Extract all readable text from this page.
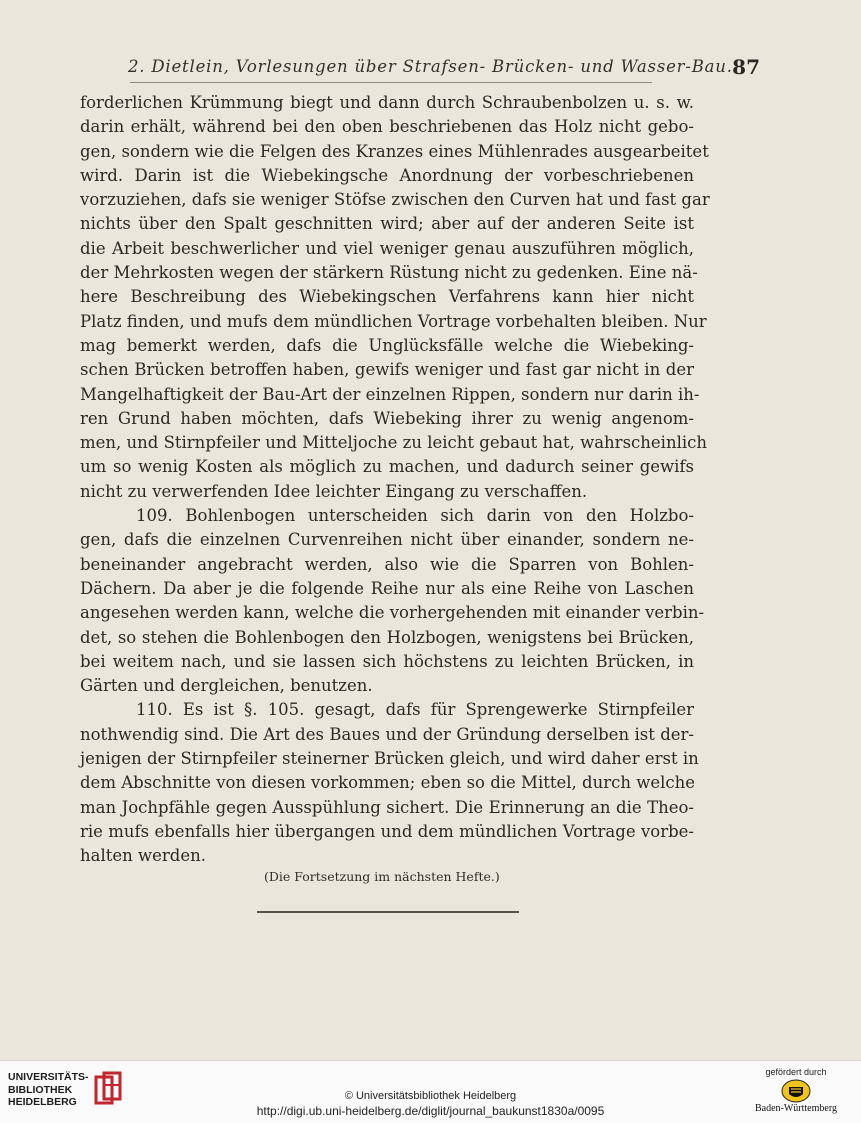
2. Dietlein, Vorlesungen über Strafsen- Brücken- und Wasser-Bau. 87
forderlichen Krümmung biegt und dann durch Schraubenbolzen u. s. w.
darin erhält, während bei den oben beschriebenen das Holz nicht gebo-
gen, sondern wie die Felgen des Kranzes eines Mühlenrades ausgearbeitet
wird. Darin ist die Wiebekingsche Anordnung der vorbeschriebenen
vorzuziehen, dafs sie weniger Stöfse zwischen den Curven hat und fast gar
nichts über den Spalt geschnitten wird; aber auf der anderen Seite ist
die Arbeit beschwerlicher und viel weniger genau auszuführen möglich,
der Mehrkosten wegen der stärkern Rüstung nicht zu gedenken. Eine nä-
here Beschreibung des Wiebekingschen Verfahrens kann hier nicht
Platz finden, und mufs dem mündlichen Vortrage vorbehalten bleiben. Nur
mag bemerkt werden, dafs die Unglücksfälle welche die Wiebeking-
schen Brücken betroffen haben, gewifs weniger und fast gar nicht in der
Mangelhaftigkeit der Bau-Art der einzelnen Rippen, sondern nur darin ih-
ren Grund haben möchten, dafs Wiebeking ihrer zu wenig angenom-
men, und Stirnpfeiler und Mitteljoche zu leicht gebaut hat, wahrscheinlich
um so wenig Kosten als möglich zu machen, und dadurch seiner gewifs
nicht zu verwerfenden Idee leichter Eingang zu verschaffen.
109. Bohlenbogen unterscheiden sich darin von den Holzbo-
gen, dafs die einzelnen Curvenreihen nicht über einander, sondern ne-
beneinander angebracht werden, also wie die Sparren von Bohlen-
Dächern. Da aber je die folgende Reihe nur als eine Reihe von Laschen
angesehen werden kann, welche die vorhergehenden mit einander verbin-
det, so stehen die Bohlenbogen den Holzbogen, wenigstens bei Brücken,
bei weitem nach, und sie lassen sich höchstens zu leichten Brücken, in
Gärten und dergleichen, benutzen.
110. Es ist §. 105. gesagt, dafs für Sprengewerke Stirnpfeiler
nothwendig sind. Die Art des Baues und der Gründung derselben ist der-
jenigen der Stirnpfeiler steinerner Brücken gleich, und wird daher erst in
dem Abschnitte von diesen vorkommen; eben so die Mittel, durch welche
man Jochpfähle gegen Ausspühlung sichert. Die Erinnerung an die Theo-
rie mufs ebenfalls hier übergangen und dem mündlichen Vortrage vorbe-
halten werden.
(Die Fortsetzung im nächsten Hefte.)
UNIVERSITÄTS-
BIBLIOTHEK
HEIDELBERG	© Universitätsbibliothek Heidelberg
http://digi.ub.uni-heidelberg.de/diglit/journal_baukunst1830a/0095
gefördert durch
Baden-Württemberg
